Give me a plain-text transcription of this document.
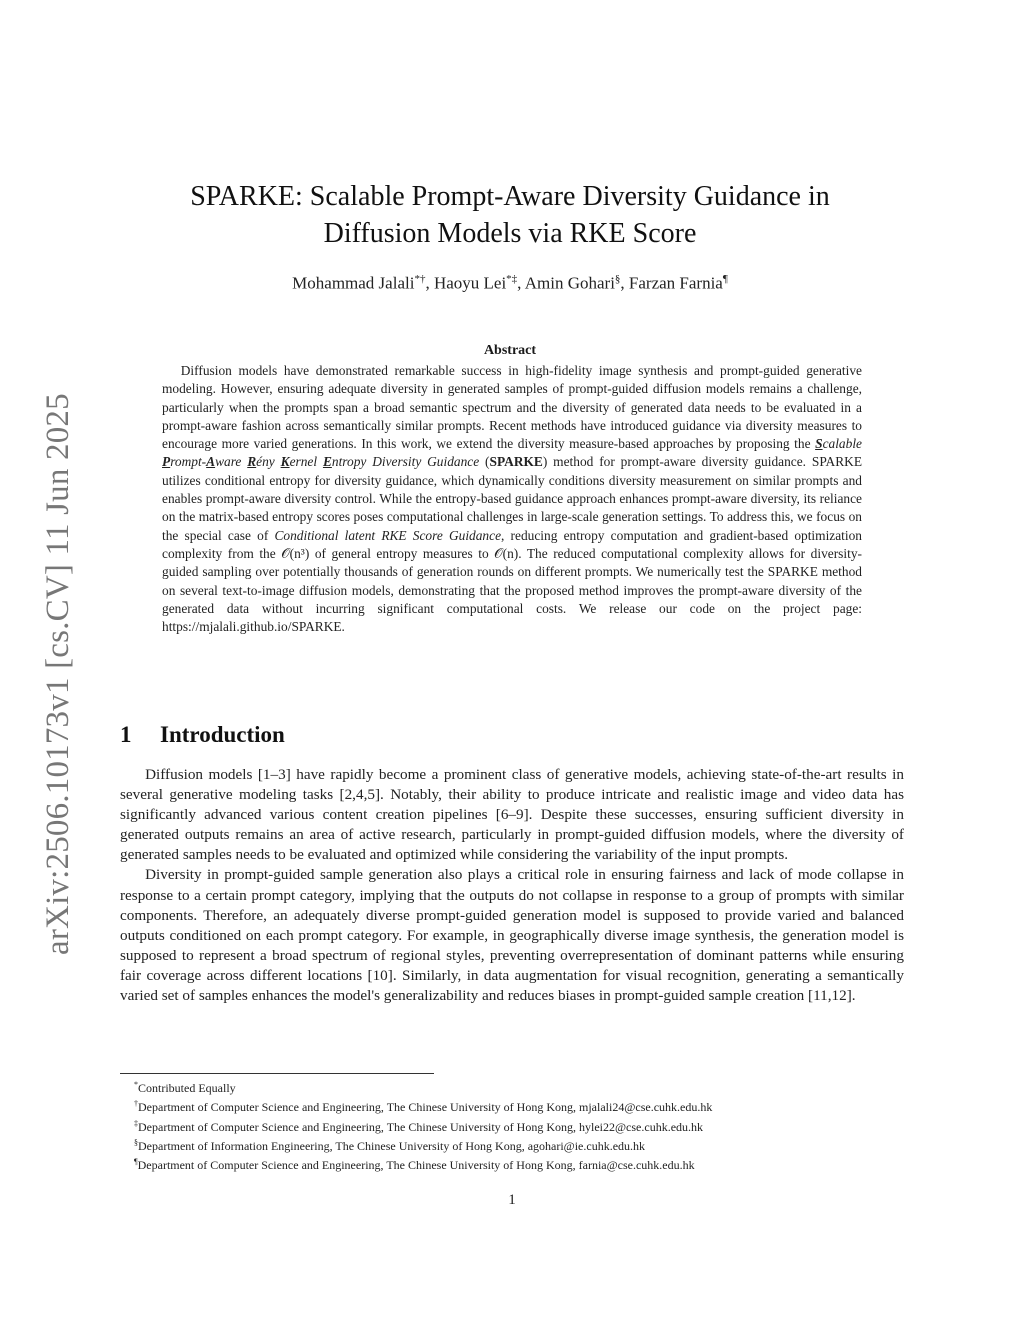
arXiv:2506.10173v1 [cs.CV] 11 Jun 2025
SPARKE: Scalable Prompt-Aware Diversity Guidance in
Diffusion Models via RKE Score
Mohammad Jalali*†, Haoyu Lei*‡, Amin Gohari§, Farzan Farnia¶
Abstract
Diffusion models have demonstrated remarkable success in high-fidelity image synthesis and prompt-guided generative modeling. However, ensuring adequate diversity in generated samples of prompt-guided diffusion models remains a challenge, particularly when the prompts span a broad semantic spectrum and the diversity of generated data needs to be evaluated in a prompt-aware fashion across semantically similar prompts. Recent methods have introduced guidance via diversity measures to encourage more varied generations. In this work, we extend the diversity measure-based approaches by proposing the Scalable Prompt-Aware Rény Kernel Entropy Diversity Guidance (SPARKE) method for prompt-aware diversity guidance. SPARKE utilizes conditional entropy for diversity guidance, which dynamically conditions diversity measurement on similar prompts and enables prompt-aware diversity control. While the entropy-based guidance approach enhances prompt-aware diversity, its reliance on the matrix-based entropy scores poses computational challenges in large-scale generation settings. To address this, we focus on the special case of Conditional latent RKE Score Guidance, reducing entropy computation and gradient-based optimization complexity from the 𝒪(n³) of general entropy measures to 𝒪(n). The reduced computational complexity allows for diversity-guided sampling over potentially thousands of generation rounds on different prompts. We numerically test the SPARKE method on several text-to-image diffusion models, demonstrating that the proposed method improves the prompt-aware diversity of the generated data without incurring significant computational costs. We release our code on the project page: https://mjalali.github.io/SPARKE.
1 Introduction

Diffusion models [1–3] have rapidly become a prominent class of generative models, achieving state-of-the-art results in several generative modeling tasks [2,4,5]. Notably, their ability to produce intricate and realistic image and video data has significantly advanced various content creation pipelines [6–9]. Despite these successes, ensuring sufficient diversity in generated outputs remains an area of active research, particularly in prompt-guided diffusion models, where the diversity of generated samples needs to be evaluated and optimized while considering the variability of the input prompts.

Diversity in prompt-guided sample generation also plays a critical role in ensuring fairness and lack of mode collapse in response to a certain prompt category, implying that the outputs do not collapse in response to a group of prompts with similar components. Therefore, an adequately diverse prompt-guided generation model is supposed to provide varied and balanced outputs conditioned on each prompt category. For example, in geographically diverse image synthesis, the generation model is supposed to represent a broad spectrum of regional styles, preventing overrepresentation of dominant patterns while ensuring fair coverage across different locations [10]. Similarly, in data augmentation for visual recognition, generating a semantically varied set of samples enhances the model's generalizability and reduces biases in prompt-guided sample creation [11,12].

*Contributed Equally
†Department of Computer Science and Engineering, The Chinese University of Hong Kong, mjalali24@cse.cuhk.edu.hk
‡Department of Computer Science and Engineering, The Chinese University of Hong Kong, hylei22@cse.cuhk.edu.hk
§Department of Information Engineering, The Chinese University of Hong Kong, agohari@ie.cuhk.edu.hk
¶Department of Computer Science and Engineering, The Chinese University of Hong Kong, farnia@cse.cuhk.edu.hk
1
